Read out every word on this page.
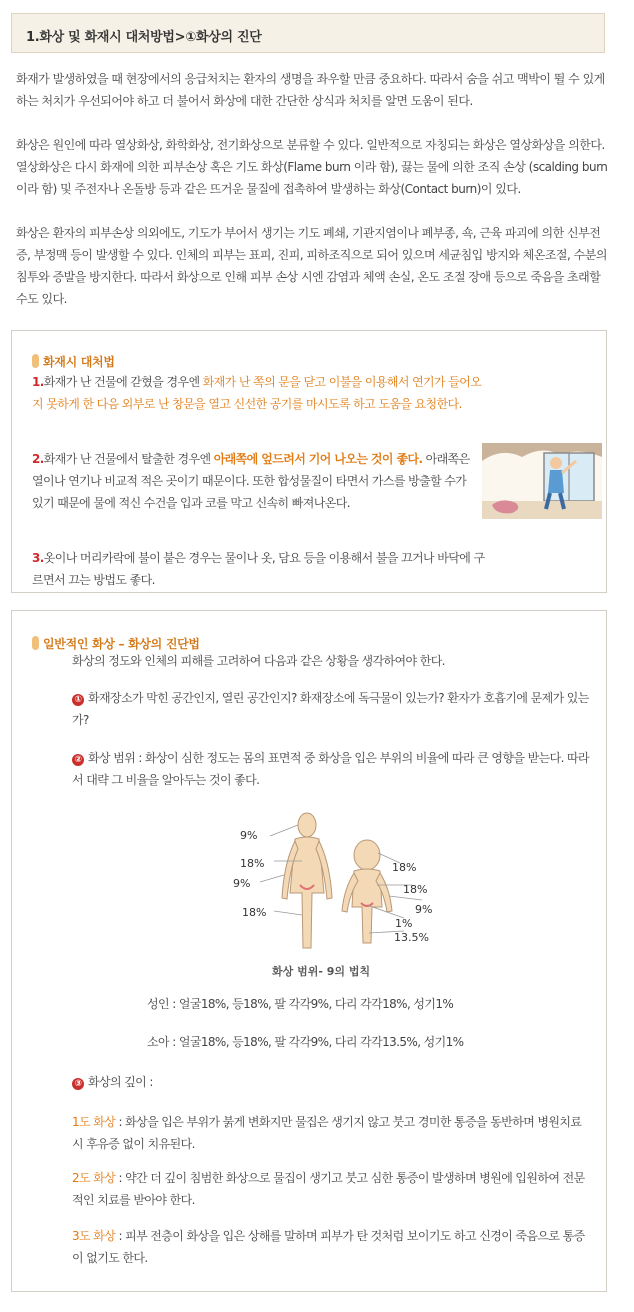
1.화상 및 화재시 대처방법>①화상의 진단

화재가 발생하였을 때 현장에서의 응급처치는 환자의 생명을 좌우할 만큼 중요하다. 따라서 숨을 쉬고 맥박이 뛸 수 있게 하는 처치가 우선되어야 하고 더 불어서 화상에 대한 간단한 상식과 처치를 알면 도움이 된다.

화상은 원인에 따라 열상화상, 화학화상, 전기화상으로 분류할 수 있다. 일반적으로 자칭되는 화상은 열상화상을 의한다. 열상화상은 다시 화재에 의한 피부손상 혹은 기도 화상(Flame burn 이라 함), 끓는 물에 의한 조직 손상 (scalding burn이라 함) 및 주전자나 온돌방 등과 같은 뜨거운 물질에 접촉하여 발생하는 화상(Contact burn)이 있다.

화상은 환자의 피부손상 의외에도, 기도가 부어서 생기는 기도 폐쇄, 기관지염이나 폐부종, 쇽, 근육 파괴에 의한 신부전증, 부정맥 등이 발생할 수 있다. 인체의 피부는 표피, 진피, 피하조직으로 되어 있으며 세균침입 방지와 체온조절, 수분의 침투와 증발을 방지한다. 따라서 화상으로 인해 피부 손상 시엔 감염과 체액 손실, 온도 조절 장애 등으로 죽음을 초래할 수도 있다.

화재시 대처법
1.화재가 난 건물에 갇혔을 경우엔 화재가 난 쪽의 문을 닫고 이불을 이용해서 연기가 들어오지 못하게 한 다음 외부로 난 창문을 열고 신선한 공기를 마시도록 하고 도움을 요청한다.
2.화재가 난 건물에서 탈출한 경우엔 아래쪽에 엎드려서 기어 나오는 것이 좋다. 아래쪽은 열이나 연기나 비교적 적은 곳이기 때문이다. 또한 합성물질이 타면서 가스를 방출할 수가 있기 때문에 물에 적신 수건을 입과 코를 막고 신속히 빠져나온다.
3.옷이나 머리카락에 불이 붙은 경우는 물이나 옷, 담요 등을 이용해서 불을 끄거나 바닥에 구르면서 끄는 방법도 좋다.
일반적인 화상 – 화상의 진단법
화상의 정도와 인체의 피해를 고려하여 다음과 같은 상황을 생각하여야 한다.
① 화재장소가 막힌 공간인지, 열린 공간인지? 화재장소에 독극물이 있는가? 환자가 호흡기에 문제가 있는가?
② 화상 범위 : 화상이 심한 정도는 몸의 표면적 중 화상을 입은 부위의 비율에 따라 큰 영향을 받는다. 따라서 대략 그 비율을 알아두는 것이 좋다.
9%
18%
9%
18%
18%
18%
9%
1%
13.5%
화상 범위- 9의 법칙
성인 : 얼굴18%, 등18%, 팔 각각9%, 다리 각각18%, 성기1%
소아 : 얼굴18%, 등18%, 팔 각각9%, 다리 각각13.5%, 성기1%
③ 화상의 깊이 :
1도 화상 : 화상을 입은 부위가 붉게 변화지만 물집은 생기지 않고 붓고 경미한 통증을 동반하며 병원치료 시 후유증 없이 치유된다.
2도 화상 : 약간 더 깊이 침범한 화상으로 물집이 생기고 붓고 심한 통증이 발생하며 병원에 입원하여 전문적인 치료를 받아야 한다.
3도 화상 : 피부 전층이 화상을 입은 상해를 말하며 피부가 탄 것처럼 보이기도 하고 신경이 죽음으로 통증이 없기도 한다.
